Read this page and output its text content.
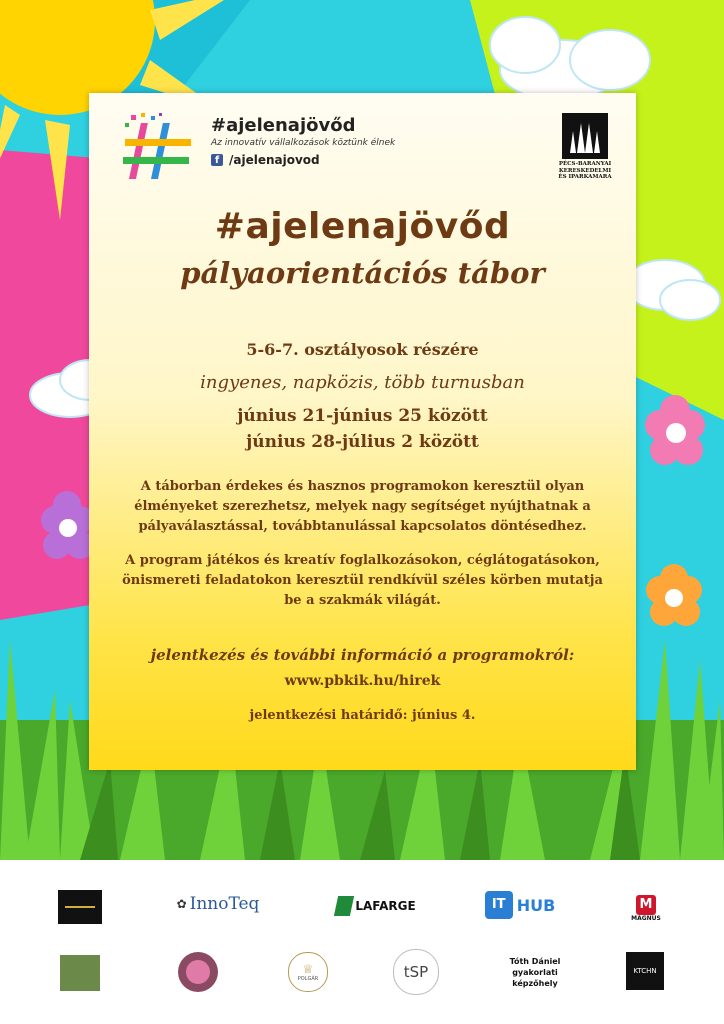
#ajelenajövőd
Az innovatív vállalkozások köztünk élnek
f /ajelenajovod	PÉCS-BARANYAI KERESKEDELMI ÉS IPARKAMARA
#ajelenajövőd
pályaorientációs tábor
5-6-7. osztályosok részére
ingyenes, napközis, több turnusban
június 21-június 25 között
június 28-július 2 között
A táborban érdekes és hasznos programokon keresztül olyan élményeket szerezhetsz, melyek nagy segítséget nyújthatnak a pályaválasztással, továbbtanulással kapcsolatos döntésedhez.
A program játékos és kreatív foglalkozásokon, céglátogatásokon, önismereti feladatokon keresztül rendkívül széles körben mutatja be a szakmák világát.
jelentkezés és további információ a programokról:
www.pbkik.hu/hirek
jelentkezési határidő: június 4.
✿ InnoTeq	LAFARGE	IT HUB	M
MAGNUS
♕
POLGÁR	tSP
Tóth Dániel gyakorlati képzőhely
KTCHN
